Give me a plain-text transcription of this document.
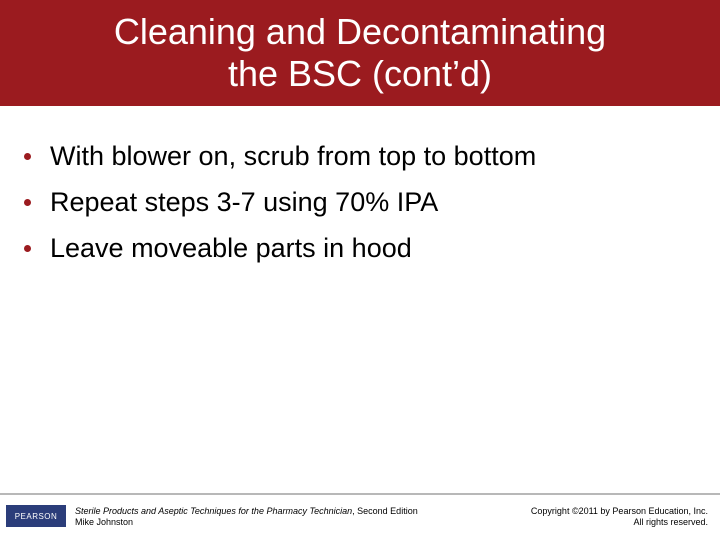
Cleaning and Decontaminating
the BSC (cont’d)
With blower on, scrub from top to bottom
Repeat steps 3-7 using 70% IPA
Leave moveable parts in hood
PEARSON Sterile Products and Aseptic Techniques for the Pharmacy Technician, Second Edition
Mike Johnston
Copyright ©2011 by Pearson Education, Inc.
All rights reserved.
